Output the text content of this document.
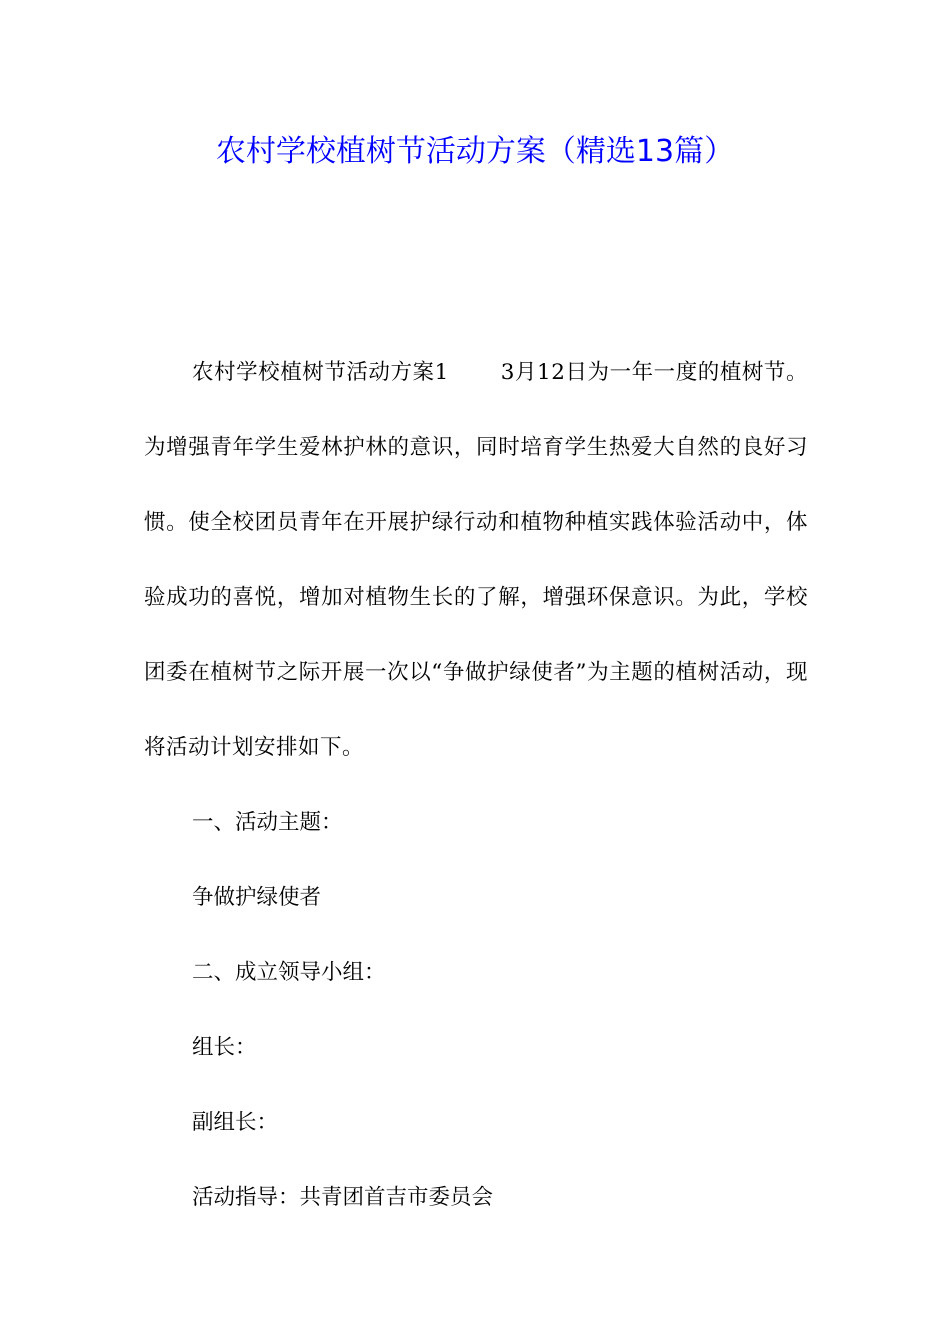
农村学校植树节活动方案（精选13篇）

农村学校植树节活动方案1 3月12日为一年一度的植树节。为增强青年学生爱林护林的意识，同时培育学生热爱大自然的良好习惯。使全校团员青年在开展护绿行动和植物种植实践体验活动中，体验成功的喜悦，增加对植物生长的了解，增强环保意识。为此，学校团委在植树节之际开展一次以“争做护绿使者”为主题的植树活动，现将活动计划安排如下。

一、活动主题：

争做护绿使者

二、成立领导小组：

组长：

副组长：

活动指导：共青团首吉市委员会
